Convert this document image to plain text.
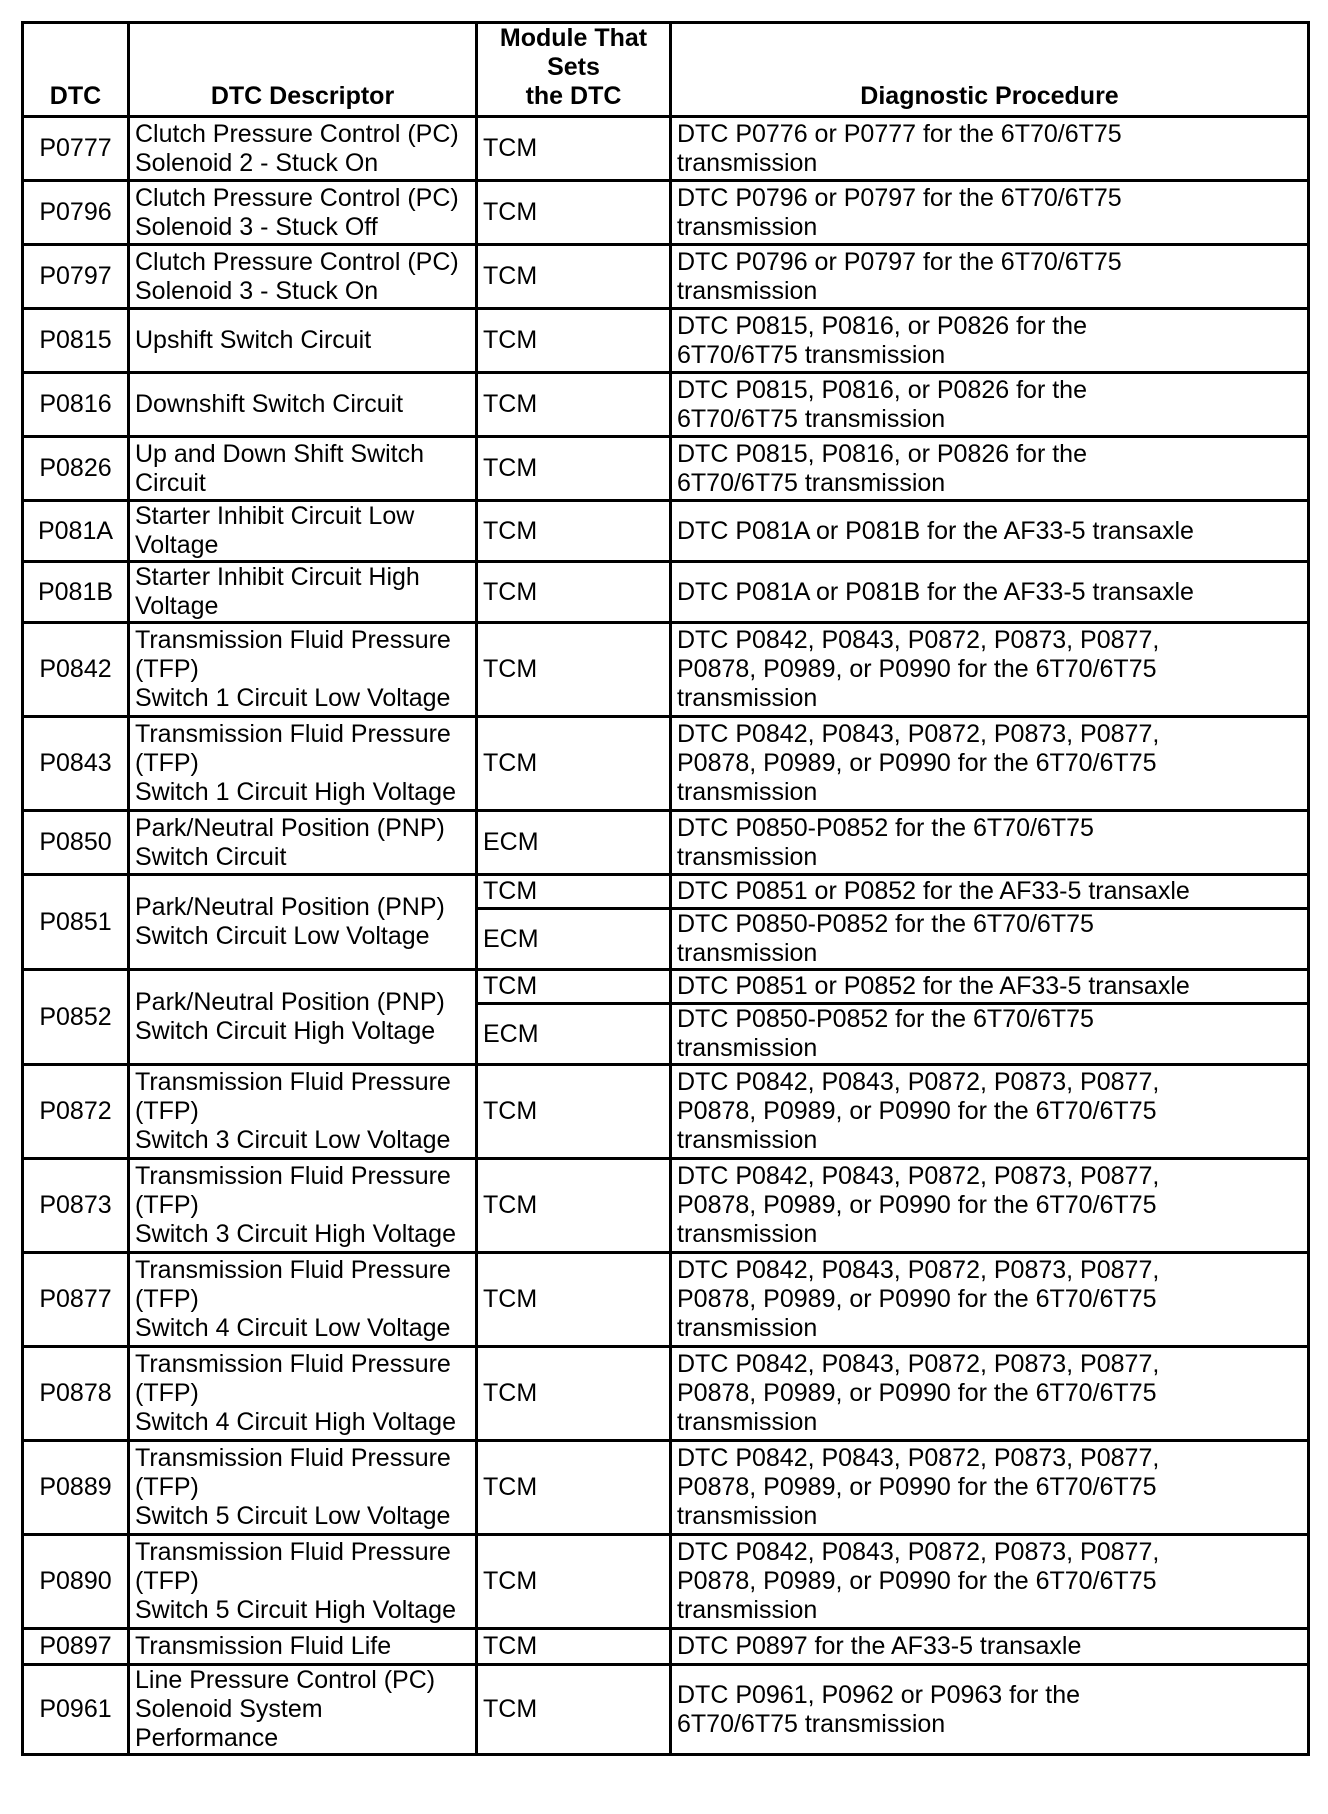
DTC	DTC Descriptor	Module That Sets
the DTC	Diagnostic Procedure
P0777	Clutch Pressure Control (PC)
Solenoid 2 - Stuck On	TCM	DTC P0776 or P0777 for the 6T70/6T75
transmission
P0796	Clutch Pressure Control (PC)
Solenoid 3 - Stuck Off	TCM	DTC P0796 or P0797 for the 6T70/6T75
transmission
P0797	Clutch Pressure Control (PC)
Solenoid 3 - Stuck On	TCM	DTC P0796 or P0797 for the 6T70/6T75
transmission
P0815	Upshift Switch Circuit	TCM	DTC P0815, P0816, or P0826 for the
6T70/6T75 transmission
P0816	Downshift Switch Circuit	TCM	DTC P0815, P0816, or P0826 for the
6T70/6T75 transmission
P0826	Up and Down Shift Switch Circuit	TCM	DTC P0815, P0816, or P0826 for the
6T70/6T75 transmission
P081A	Starter Inhibit Circuit Low Voltage	TCM	DTC P081A or P081B for the AF33-5 transaxle
P081B	Starter Inhibit Circuit High Voltage	TCM	DTC P081A or P081B for the AF33-5 transaxle
P0842	Transmission Fluid Pressure (TFP)
Switch 1 Circuit Low Voltage	TCM	DTC P0842, P0843, P0872, P0873, P0877,
P0878, P0989, or P0990 for the 6T70/6T75
transmission
P0843	Transmission Fluid Pressure (TFP)
Switch 1 Circuit High Voltage	TCM	DTC P0842, P0843, P0872, P0873, P0877,
P0878, P0989, or P0990 for the 6T70/6T75
transmission
P0850	Park/Neutral Position (PNP)
Switch Circuit	ECM	DTC P0850-P0852 for the 6T70/6T75
transmission
P0851	Park/Neutral Position (PNP)
Switch Circuit Low Voltage	TCM	DTC P0851 or P0852 for the AF33-5 transaxle
		ECM	DTC P0850-P0852 for the 6T70/6T75
transmission
P0852	Park/Neutral Position (PNP)
Switch Circuit High Voltage	TCM	DTC P0851 or P0852 for the AF33-5 transaxle
		ECM	DTC P0850-P0852 for the 6T70/6T75
transmission
P0872	Transmission Fluid Pressure (TFP)
Switch 3 Circuit Low Voltage	TCM	DTC P0842, P0843, P0872, P0873, P0877,
P0878, P0989, or P0990 for the 6T70/6T75
transmission
P0873	Transmission Fluid Pressure (TFP)
Switch 3 Circuit High Voltage	TCM	DTC P0842, P0843, P0872, P0873, P0877,
P0878, P0989, or P0990 for the 6T70/6T75
transmission
P0877	Transmission Fluid Pressure (TFP)
Switch 4 Circuit Low Voltage	TCM	DTC P0842, P0843, P0872, P0873, P0877,
P0878, P0989, or P0990 for the 6T70/6T75
transmission
P0878	Transmission Fluid Pressure (TFP)
Switch 4 Circuit High Voltage	TCM	DTC P0842, P0843, P0872, P0873, P0877,
P0878, P0989, or P0990 for the 6T70/6T75
transmission
P0889	Transmission Fluid Pressure (TFP)
Switch 5 Circuit Low Voltage	TCM	DTC P0842, P0843, P0872, P0873, P0877,
P0878, P0989, or P0990 for the 6T70/6T75
transmission
P0890	Transmission Fluid Pressure (TFP)
Switch 5 Circuit High Voltage	TCM	DTC P0842, P0843, P0872, P0873, P0877,
P0878, P0989, or P0990 for the 6T70/6T75
transmission
P0897	Transmission Fluid Life	TCM	DTC P0897 for the AF33-5 transaxle
P0961	Line Pressure Control (PC)
Solenoid System Performance	TCM	DTC P0961, P0962 or P0963 for the
6T70/6T75 transmission
